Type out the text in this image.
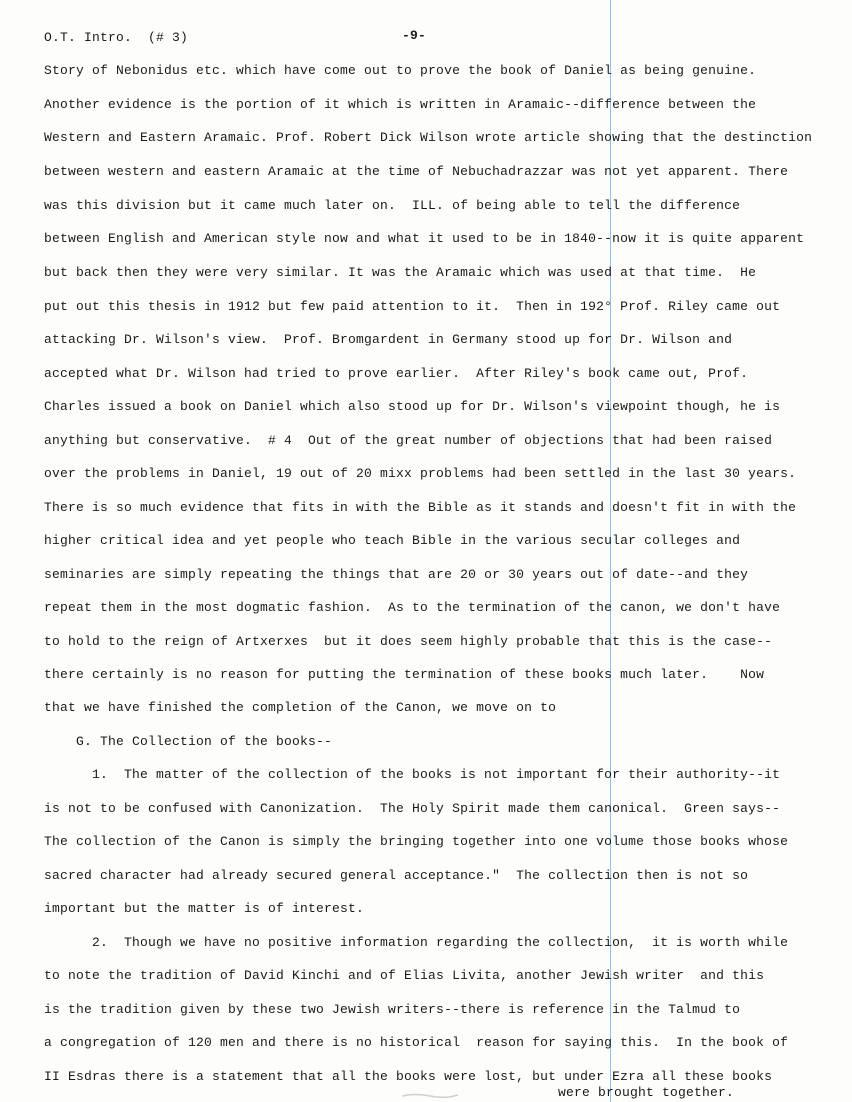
O.T. Intro.  (# 3)	-9-
Story of Nebonidus etc. which have come out to prove the book of Daniel as being genuine.
Another evidence is the portion of it which is written in Aramaic--difference between the
Western and Eastern Aramaic. Prof. Robert Dick Wilson wrote article showing that the destinction
between western and eastern Aramaic at the time of Nebuchadrazzar was not yet apparent. There
was this division but it came much later on.  ILL. of being able to tell the difference
between English and American style now and what it used to be in 1840--now it is quite apparent
but back then they were very similar. It was the Aramaic which was used at that time.  He
put out this thesis in 1912 but few paid attention to it.  Then in 192° Prof. Riley came out
attacking Dr. Wilson's view.  Prof. Bromgardent in Germany stood up for Dr. Wilson and
accepted what Dr. Wilson had tried to prove earlier.  After Riley's book came out, Prof.
Charles issued a book on Daniel which also stood up for Dr. Wilson's viewpoint though, he is
anything but conservative.  # 4  Out of the great number of objections that had been raised
over the problems in Daniel, 19 out of 20 mixx problems had been settled in the last 30 years.
There is so much evidence that fits in with the Bible as it stands and doesn't fit in with the
higher critical idea and yet people who teach Bible in the various secular colleges and
seminaries are simply repeating the things that are 20 or 30 years out of date--and they
repeat them in the most dogmatic fashion.  As to the termination of the canon, we don't have
to hold to the reign of Artxerxes  but it does seem highly probable that this is the case--
there certainly is no reason for putting the termination of these books much later.    Now
that we have finished the completion of the Canon, we move on to
G. The Collection of the books--
1.  The matter of the collection of the books is not important for their authority--it
is not to be confused with Canonization.  The Holy Spirit made them canonical.  Green says--
The collection of the Canon is simply the bringing together into one volume those books whose
sacred character had already secured general acceptance."  The collection then is not so
important but the matter is of interest.
2.  Though we have no positive information regarding the collection,  it is worth while
to note the tradition of David Kinchi and of Elias Livita, another Jewish writer  and this
is the tradition given by these two Jewish writers--there is reference in the Talmud to
a congregation of 120 men and there is no historical  reason for saying this.  In the book of
II Esdras there is a statement that all the books were lost, but under Ezra all these books
were brought together.
